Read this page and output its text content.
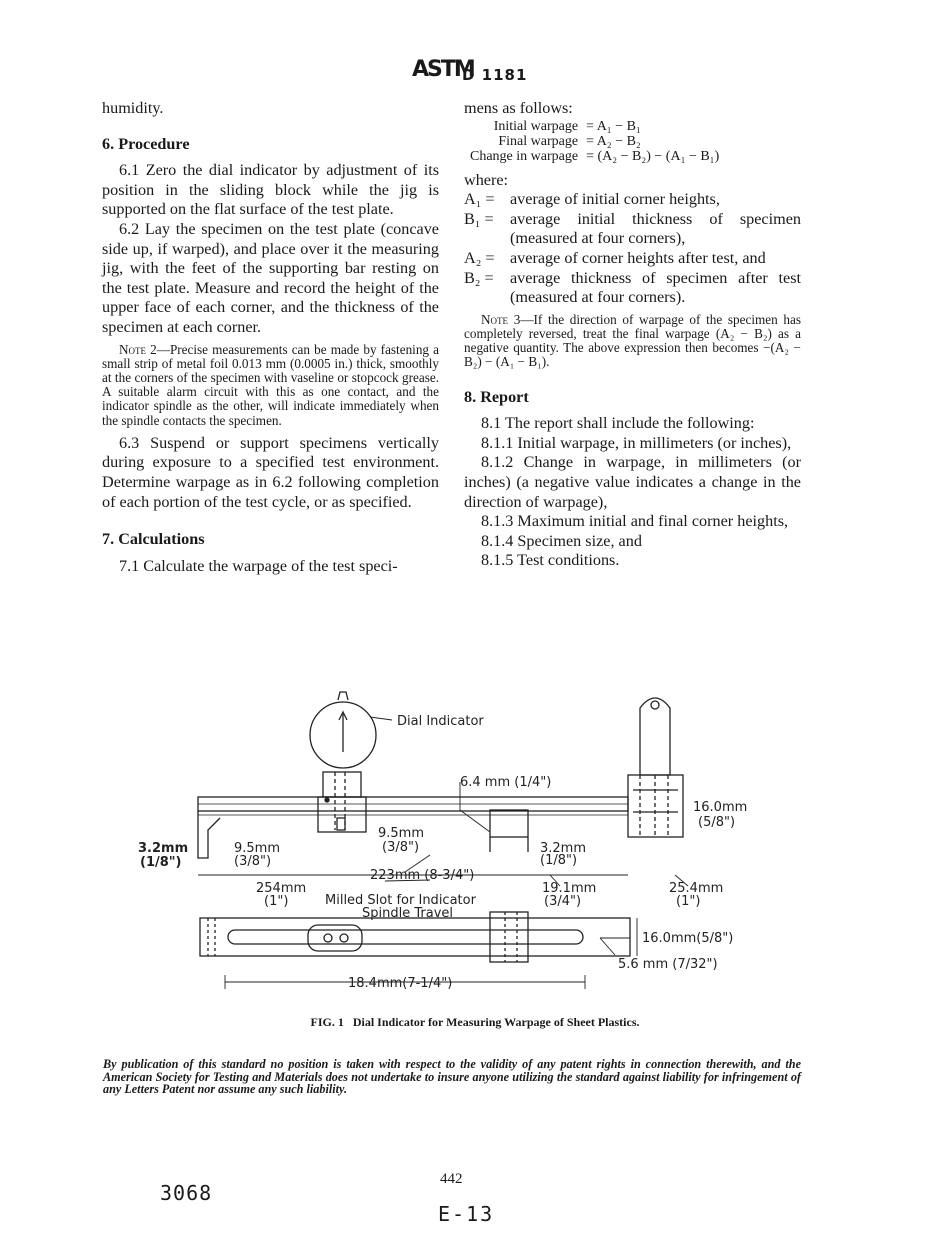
ASTM
D 1181

humidity.

6. Procedure

6.1 Zero the dial indicator by adjustment of its position in the sliding block while the jig is supported on the flat surface of the test plate.

6.2 Lay the specimen on the test plate (concave side up, if warped), and place over it the measuring jig, with the feet of the supporting bar resting on the test plate. Measure and record the height of the upper face of each corner, and the thickness of the specimen at each corner.

Note 2—Precise measurements can be made by fastening a small strip of metal foil 0.013 mm (0.0005 in.) thick, smoothly at the corners of the specimen with vaseline or stopcock grease. A suitable alarm circuit with this as one contact, and the indicator spindle as the other, will indicate immediately when the spindle contacts the specimen.

6.3 Suspend or support specimens vertically during exposure to a specified test environment. Determine warpage as in 6.2 following completion of each portion of the test cycle, or as specified.

7. Calculations

7.1 Calculate the warpage of the test speci-

mens as follows:

Initial warpage	= A₁ − B₁
Final warpage	= A₂ − B₂
Change in warpage	= (A₂ − B₂) − (A₁ − B₁)

where:

A₁ = average of initial corner heights,
B₁ =	average initial thickness of specimen (measured at four corners),
A₂ = average of corner heights after test, and
B₂ =	average thickness of specimen after test (measured at four corners).

Note 3—If the direction of warpage of the specimen has completely reversed, treat the final warpage (A₂ − B₂) as a negative quantity. The above expression then becomes −(A₂ − B₂) − (A₁ − B₁).

8. Report

8.1 The report shall include the following:

8.1.1 Initial warpage, in millimeters (or inches),

8.1.2 Change in warpage, in millimeters (or inches) (a negative value indicates a change in the direction of warpage),

8.1.3 Maximum initial and final corner heights,

8.1.4 Specimen size, and

8.1.5 Test conditions.

Dial Indicator
6.4 mm (1/4")
16.0mm
(5/8")
3.2mm
(1/8")
9.5mm
(3/8")
9.5mm
(3/8")	3.2mm
(1/8")
223mm (8-3/4")
254mm
(1")	Milled Slot for Indicator
Spindle Travel
19.1mm
(3/4")
25.4mm
(1")
16.0mm(5/8")
5.6 mm (7/32")
18.4mm(7-1/4")
FIG. 1 Dial Indicator for Measuring Warpage of Sheet Plastics.
By publication of this standard no position is taken with respect to the validity of any patent rights in connection therewith, and the American Society for Testing and Materials does not undertake to insure anyone utilizing the standard against liability for infringement of any Letters Patent nor assume any such liability.
442
3068
E-13
